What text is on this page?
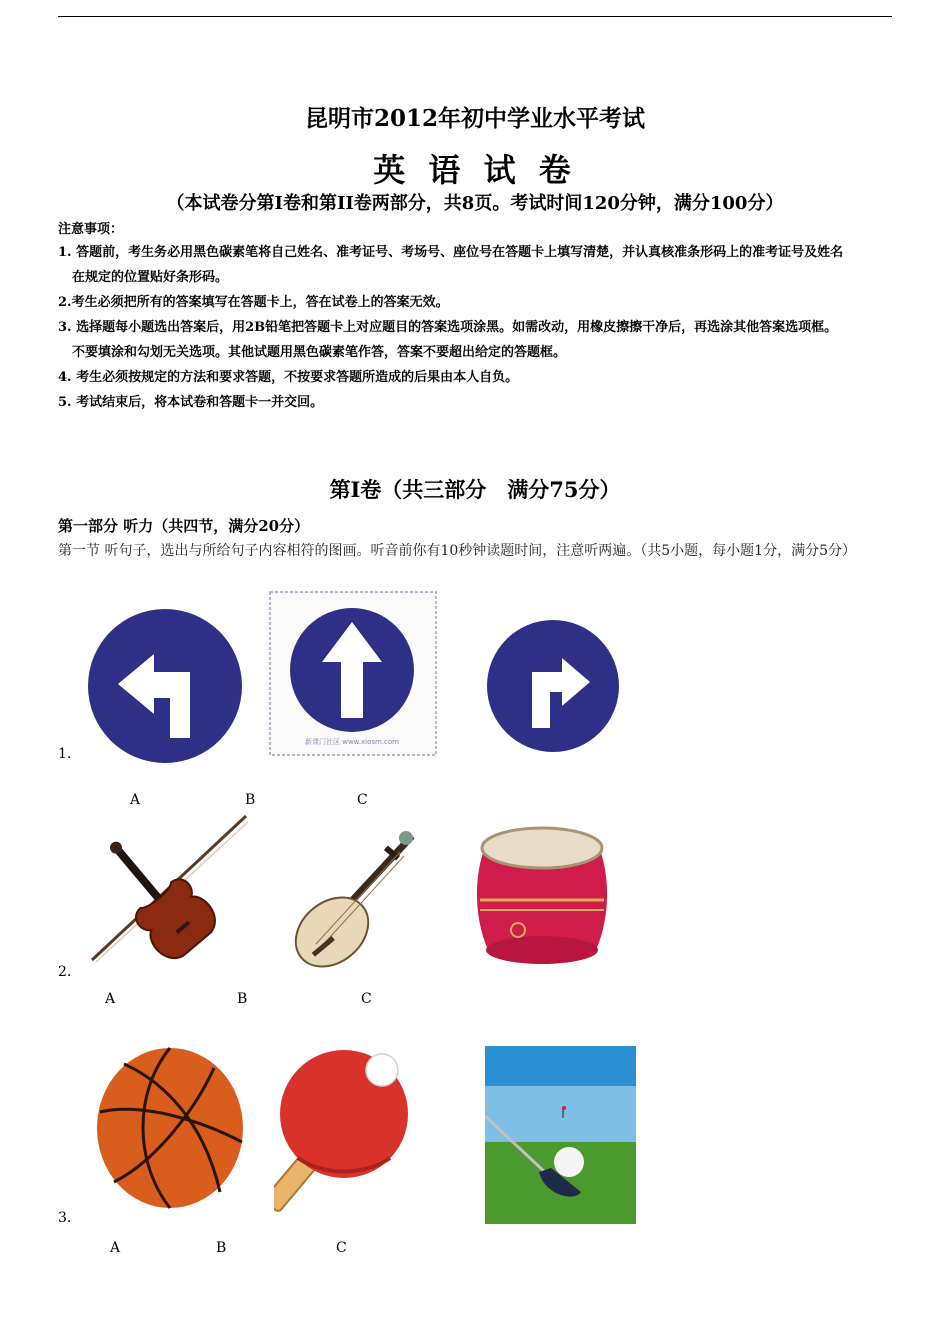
昆明市2012年初中学业水平考试
英 语 试 卷
（本试卷分第I卷和第II卷两部分，共8页。考试时间120分钟，满分100分）
注意事项：
1. 答题前，考生务必用黑色碳素笔将自己姓名、准考证号、考场号、座位号在答题卡上填写清楚，并认真核准条形码上的准考证号及姓名
在规定的位置贴好条形码。
2.考生必须把所有的答案填写在答题卡上，答在试卷上的答案无效。
3. 选择题每小题选出答案后，用2B铅笔把答题卡上对应题目的答案选项涂黑。如需改动，用橡皮擦擦干净后，再选涂其他答案选项框。
不要填涂和勾划无关选项。其他试题用黑色碳素笔作答，答案不要超出给定的答题框。
4. 考生必须按规定的方法和要求答题，不按要求答题所造成的后果由本人自负。
5. 考试结束后，将本试卷和答题卡一并交回。
第I卷（共三部分　满分75分）
第一部分 听力（共四节，满分20分）
第一节 听句子，选出与所给句子内容相符的图画。听音前你有10秒钟读题时间，注意听两遍。（共5小题，每小题1分，满分5分）
新课门社区 www.xiosm.com
1.
A	B	C
2.
A	B	C
3.
A	B	C
